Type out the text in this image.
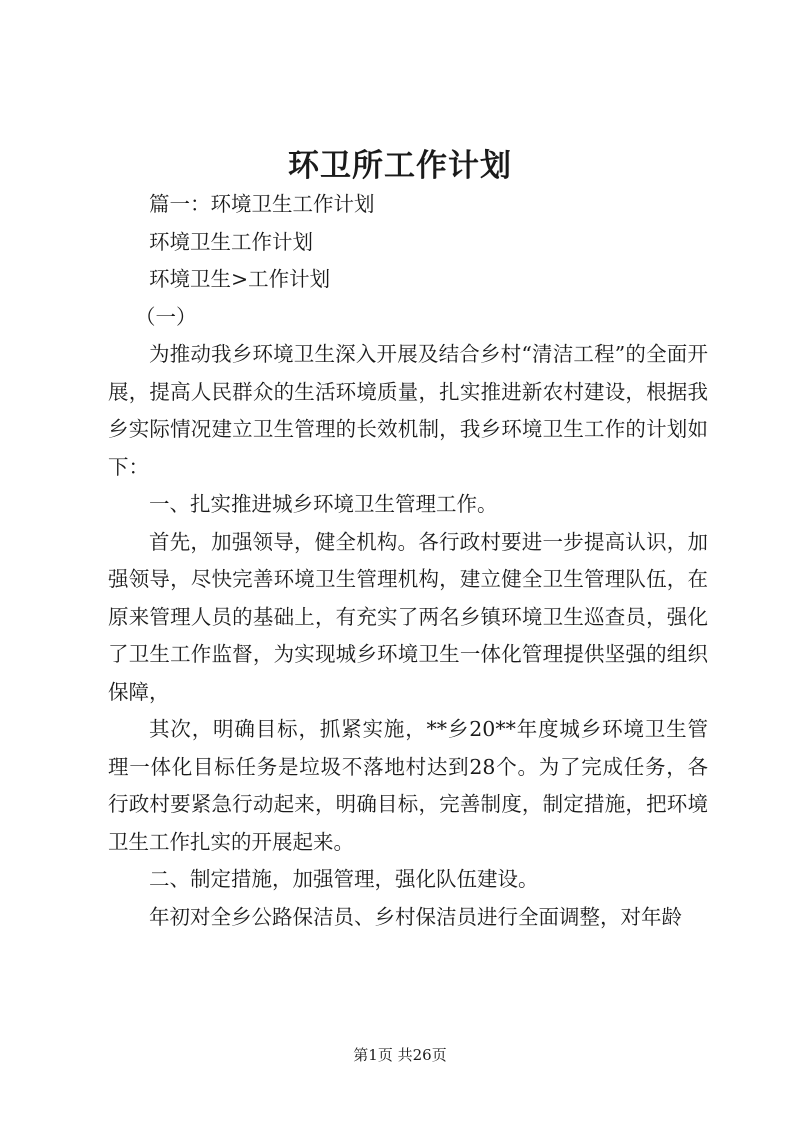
环卫所工作计划

篇一：环境卫生工作计划

环境卫生工作计划

环境卫生>工作计划

（一）

为推动我乡环境卫生深入开展及结合乡村“清洁工程”的全面开展，提高人民群众的生活环境质量，扎实推进新农村建设，根据我乡实际情况建立卫生管理的长效机制，我乡环境卫生工作的计划如下：

一、扎实推进城乡环境卫生管理工作。

首先，加强领导，健全机构。各行政村要进一步提高认识，加强领导，尽快完善环境卫生管理机构，建立健全卫生管理队伍，在原来管理人员的基础上，有充实了两名乡镇环境卫生巡查员，强化了卫生工作监督，为实现城乡环境卫生一体化管理提供坚强的组织保障，

其次，明确目标，抓紧实施，**乡20**年度城乡环境卫生管理一体化目标任务是垃圾不落地村达到28个。为了完成任务，各行政村要紧急行动起来，明确目标，完善制度，制定措施，把环境卫生工作扎实的开展起来。

二、制定措施，加强管理，强化队伍建设。

年初对全乡公路保洁员、乡村保洁员进行全面调整，对年龄

第1页 共26页
